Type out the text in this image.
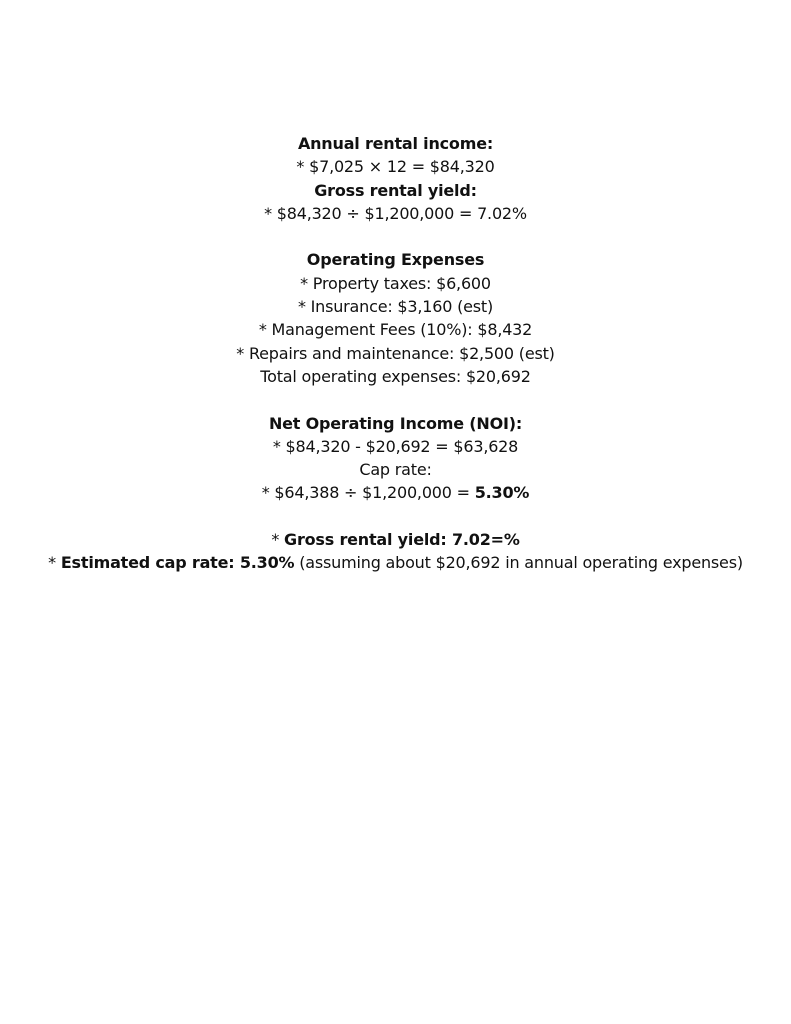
Annual rental income:
* $7,025 × 12 = $84,320
Gross rental yield:
* $84,320 ÷ $1,200,000 = 7.02%
Operating Expenses
* Property taxes: $6,600
* Insurance: $3,160 (est)
* Management Fees (10%): $8,432
* Repairs and maintenance: $2,500 (est)
Total operating expenses: $20,692
Net Operating Income (NOI):
* $84,320 - $20,692 = $63,628
Cap rate:
* $64,388 ÷ $1,200,000 = 5.30%
* Gross rental yield: 7.02=%
* Estimated cap rate: 5.30% (assuming about $20,692 in annual operating expenses)
